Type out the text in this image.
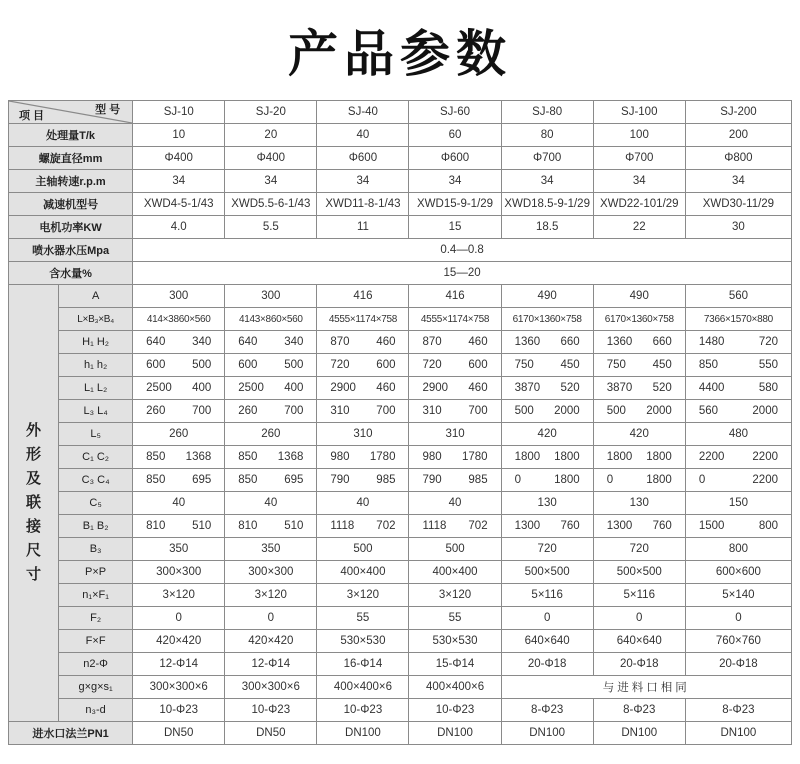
产品参数
型 号
项 目		SJ-10	SJ-20	SJ-40	SJ-60	SJ-80	SJ-100	SJ-200
处理量T/k		10	20	40	60	80	100	200
螺旋直径mm		Φ400	Φ400	Φ600	Φ600	Φ700	Φ700	Φ800
主轴转速r.p.m		34	34	34	34	34	34	34
减速机型号		XWD4-5-1/43	XWD5.5-6-1/43	XWD11-8-1/43	XWD15-9-1/29	XWD18.5-9-1/29	XWD22-101/29	XWD30-11/29
电机功率KW		4.0	5.5	11	15	18.5	22	30
喷水器水压Mpa		0.4—0.8						
含水量%		15—20						
外形及联接尺寸	A	300	300	416	416	490	490	560
	L×B₃×B₄	414×3860×560	4143×860×560	4555×1174×758	4555×1174×758	6170×1360×758	6170×1360×758	7366×1570×880
	H₁ H₂	640 340	640 340	870 460	870 460	1360 660	1360 660	1480 720

	h₁ h₂	600 500	600 500	720 600	720 600	750 450	750 450	850 550

	L₁ L₂	2500 400	2500 400	2900 460	2900 460	3870 520	3870 520	4400 580

	L₃ L₄	260 700	260 700	310 700	310 700	500 2000	500 2000	560 2000

	L₅	260	260	310	310	420	420	480
	C₁ C₂	850 1368	850 1368	980 1780	980 1780	1800 1800	1800 1800	2200 2200

	C₃ C₄	850 695	850 695	790 985	790 985	0 1800	0 1800	0 2200

	C₅	40	40	40	40	130	130	150
	B₁ B₂	810 510	810 510	1118 702	1118 702	1300 760	1300 760	1500 800

	B₃	350	350	500	500	720	720	800
	P×P	300×300	300×300	400×400	400×400	500×500	500×500	600×600
	n₁×F₁	3×120	3×120	3×120	3×120	5×116	5×116	5×140
	F₂	0	0	55	55	0	0	0
	F×F	420×420	420×420	530×530	530×530	640×640	640×640	760×760
	n2-Φ	12-Φ14	12-Φ14	16-Φ14	15-Φ14	20-Φ18	20-Φ18	20-Φ18
	g×g×s₁	300×300×6	300×300×6	400×400×6	400×400×6	与进料口相同		
	n₃-d	10-Φ23	10-Φ23	10-Φ23	10-Φ23	8-Φ23	8-Φ23	8-Φ23
进水口法兰PN1		DN50	DN50	DN100	DN100	DN100	DN100	DN100
